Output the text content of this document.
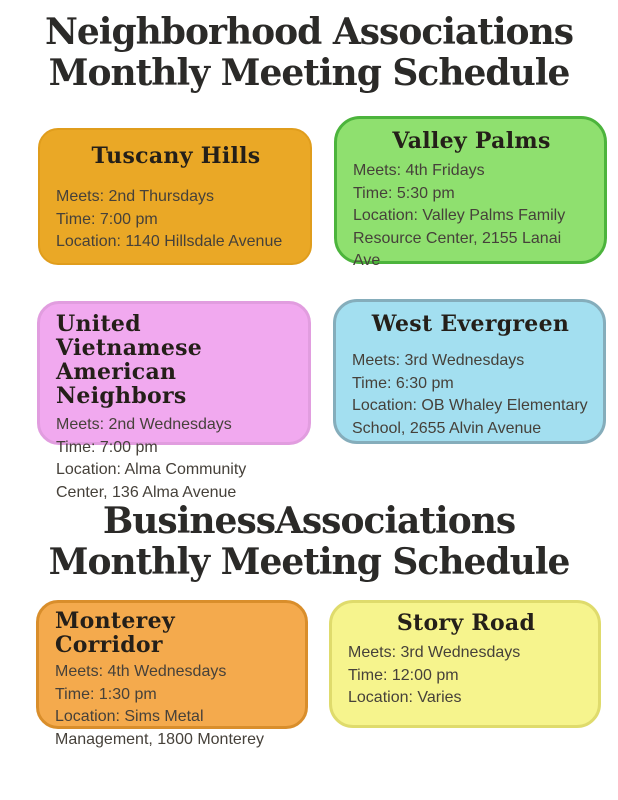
Neighborhood Associations
Monthly Meeting Schedule
Tuscany Hills
Meets: 2nd Thursdays
Time: 7:00 pm
Location: 1140 Hillsdale Avenue
Valley Palms
Meets: 4th Fridays
Time: 5:30 pm
Location: Valley Palms Family Resource Center, 2155 Lanai Ave
United Vietnamese American Neighbors
Meets: 2nd Wednesdays
Time: 7:00 pm
Location: Alma Community Center, 136 Alma Avenue
West Evergreen
Meets: 3rd Wednesdays
Time: 6:30 pm
Location: OB Whaley Elementary School, 2655 Alvin Avenue
BusinessAssociations
Monthly Meeting Schedule
Monterey Corridor
Meets: 4th Wednesdays
Time: 1:30 pm
Location: Sims Metal Management, 1800 Monterey
Story Road
Meets: 3rd Wednesdays
Time: 12:00 pm
Location: Varies
